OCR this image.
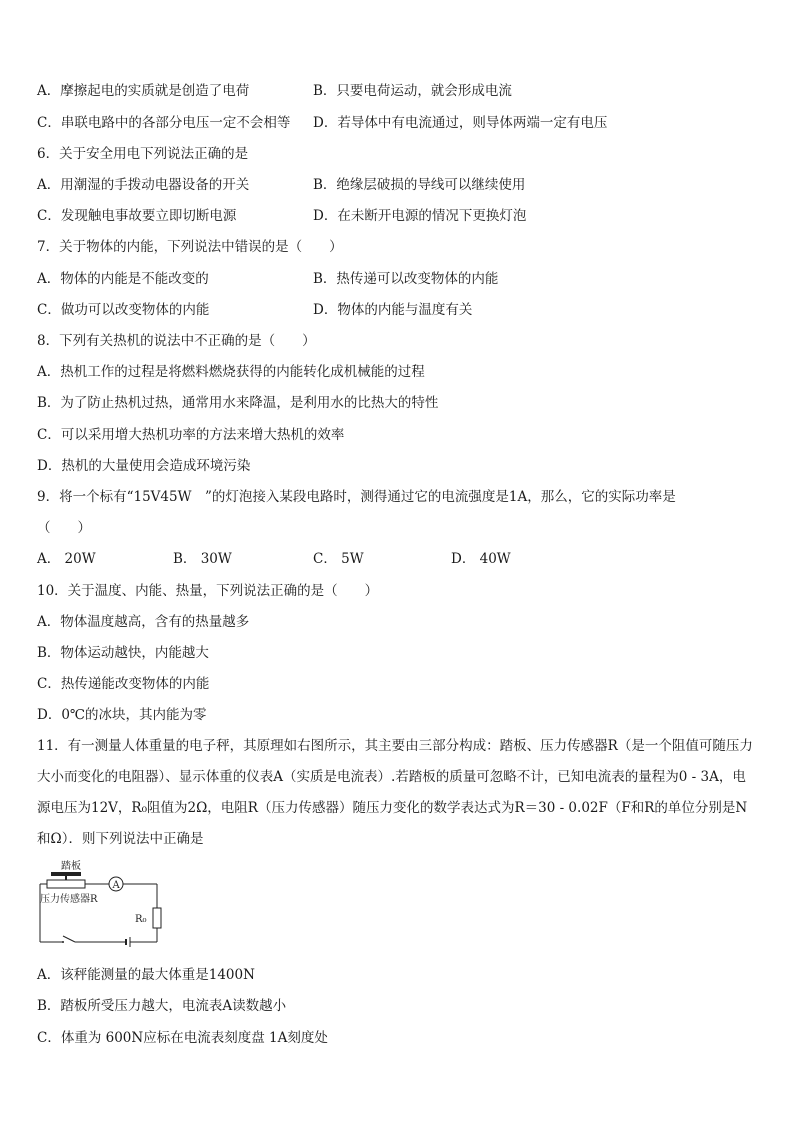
A．摩擦起电的实质就是创造了电荷	B．只要电荷运动，就会形成电流
C．串联电路中的各部分电压一定不会相等 D．若导体中有电流通过，则导体两端一定有电压
6．关于安全用电下列说法正确的是
A．用潮湿的手拨动电器设备的开关	B．绝缘层破损的导线可以继续使用
C．发现触电事故要立即切断电源	D．在未断开电源的情况下更换灯泡
7．关于物体的内能，下列说法中错误的是（　　）
A．物体的内能是不能改变的	B．热传递可以改变物体的内能
C．做功可以改变物体的内能	D．物体的内能与温度有关
8．下列有关热机的说法中不正确的是（　　）
A．热机工作的过程是将燃料燃烧获得的内能转化成机械能的过程
B．为了防止热机过热，通常用水来降温，是利用水的比热大的特性
C．可以采用增大热机功率的方法来增大热机的效率
D．热机的大量使用会造成环境污染
9．将一个标有“15V45W　”的灯泡接入某段电路时，测得通过它的电流强度是1A，那么，它的实际功率是
（　　）
A． 20W	B． 30W	C． 5W	D． 40W
10．关于温度、内能、热量，下列说法正确的是（　　）
A．物体温度越高，含有的热量越多
B．物体运动越快，内能越大
C．热传递能改变物体的内能
D．0℃的冰块，其内能为零
11．有一测量人体重量的电子秤，其原理如右图所示，其主要由三部分构成：踏板、压力传感器R（是一个阻值可随压力大小而变化的电阻器）、显示体重的仪表A（实质是电流表）.若踏板的质量可忽略不计，已知电流表的量程为0 - 3A，电源电压为12V，R₀阻值为2Ω，电阻R（压力传感器）随压力变化的数学表达式为R＝30 - 0.02F（F和R的单位分别是N和Ω）．则下列说法中正确是
踏板
A
压力传感器R
R₀
A．该秤能测量的最大体重是1400N
B．踏板所受压力越大，电流表A读数越小
C．体重为 600N应标在电流表刻度盘 1A刻度处
